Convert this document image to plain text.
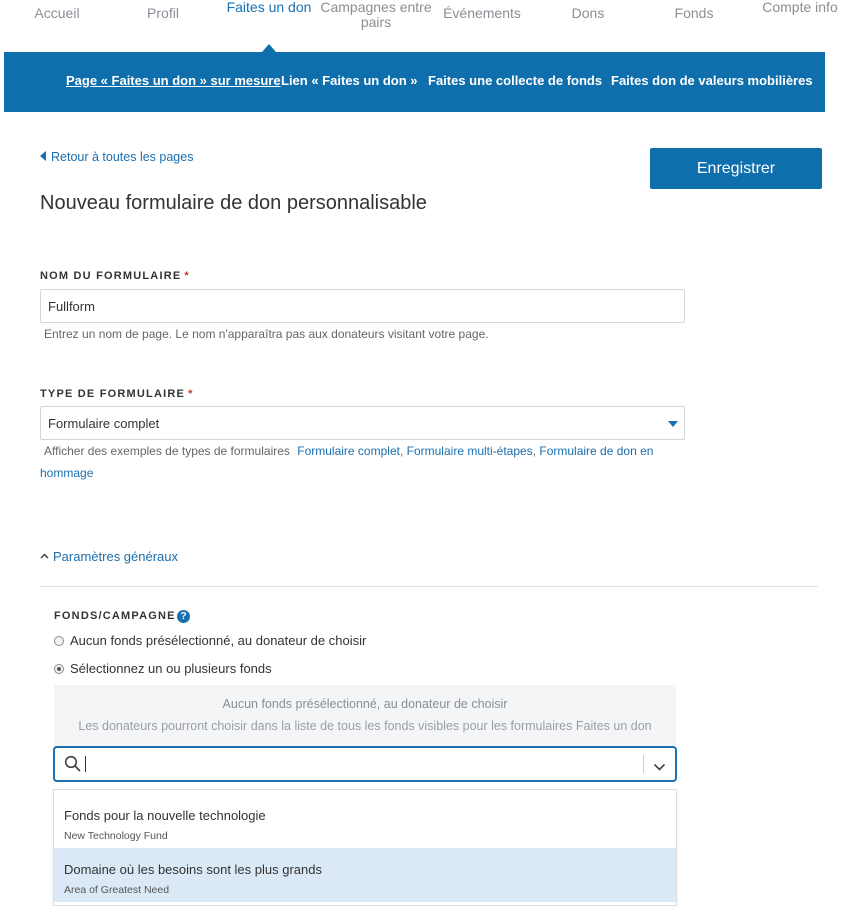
Accueil	Profil	Faites un don Campagnes entre pairs
Événements	Dons	Fonds	Compte info
Page « Faites un don » sur mesure Lien « Faites un don » Faites une collecte de fonds Faites don de valeurs mobilières
Retour à toutes les pages
Enregistrer
Nouveau formulaire de don personnalisable
NOM DU FORMULAIRE *
Fullform
Entrez un nom de page. Le nom n'apparaîtra pas aux donateurs visitant votre page.
TYPE DE FORMULAIRE *
Formulaire complet
Afficher des exemples de types de formulaires Formulaire complet, Formulaire multi-étapes, Formulaire de don en hommage
Paramètres généraux
FONDS/CAMPAGNE ?
Aucun fonds présélectionné, au donateur de choisir
Sélectionnez un ou plusieurs fonds
Aucun fonds présélectionné, au donateur de choisir
Les donateurs pourront choisir dans la liste de tous les fonds visibles pour les formulaires Faites un don
Fonds pour la nouvelle technologie
New Technology Fund
Domaine où les besoins sont les plus grands
Area of Greatest Need
